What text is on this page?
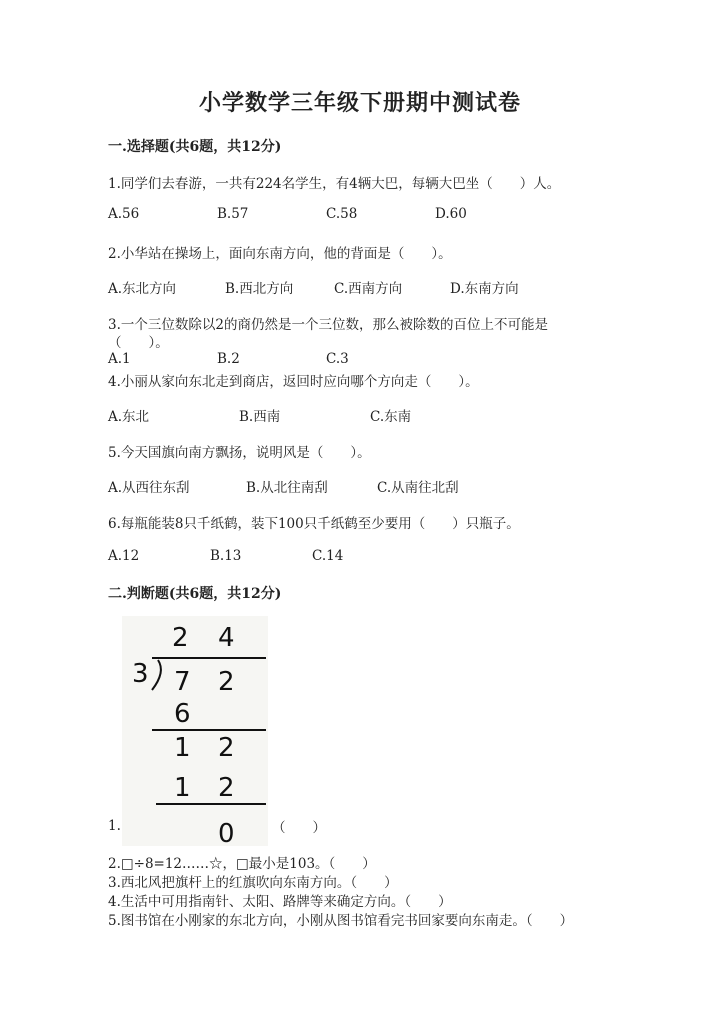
小学数学三年级下册期中测试卷
一.选择题(共6题，共12分)
1.同学们去春游，一共有224名学生，有4辆大巴，每辆大巴坐（　　）人。
A.56	B.57	C.58	D.60
2.小华站在操场上，面向东南方向，他的背面是（　　）。
A.东北方向	B.西北方向	C.西南方向	D.东南方向
3.一个三位数除以2的商仍然是一个三位数，那么被除数的百位上不可能是
（　　）。
A.1	B.2	C.3
4.小丽从家向东北走到商店，返回时应向哪个方向走（　　）。
A.东北	B.西南	C.东南
5.今天国旗向南方飘扬，说明风是（　　）。
A.从西往东刮	B.从北往南刮	C.从南往北刮
6.每瓶能装8只千纸鹤，装下100只千纸鹤至少要用（　　）只瓶子。
A.12	B.13	C.14
二.判断题(共6题，共12分)
2 4
3 7 2
6
1 2
1 2
0
1.	（　　）
2.□÷8=12……☆，□最小是103。（　　）
3.西北风把旗杆上的红旗吹向东南方向。（　　）
4.生活中可用指南针、太阳、路牌等来确定方向。（　　）
5.图书馆在小刚家的东北方向，小刚从图书馆看完书回家要向东南走。（　　）
